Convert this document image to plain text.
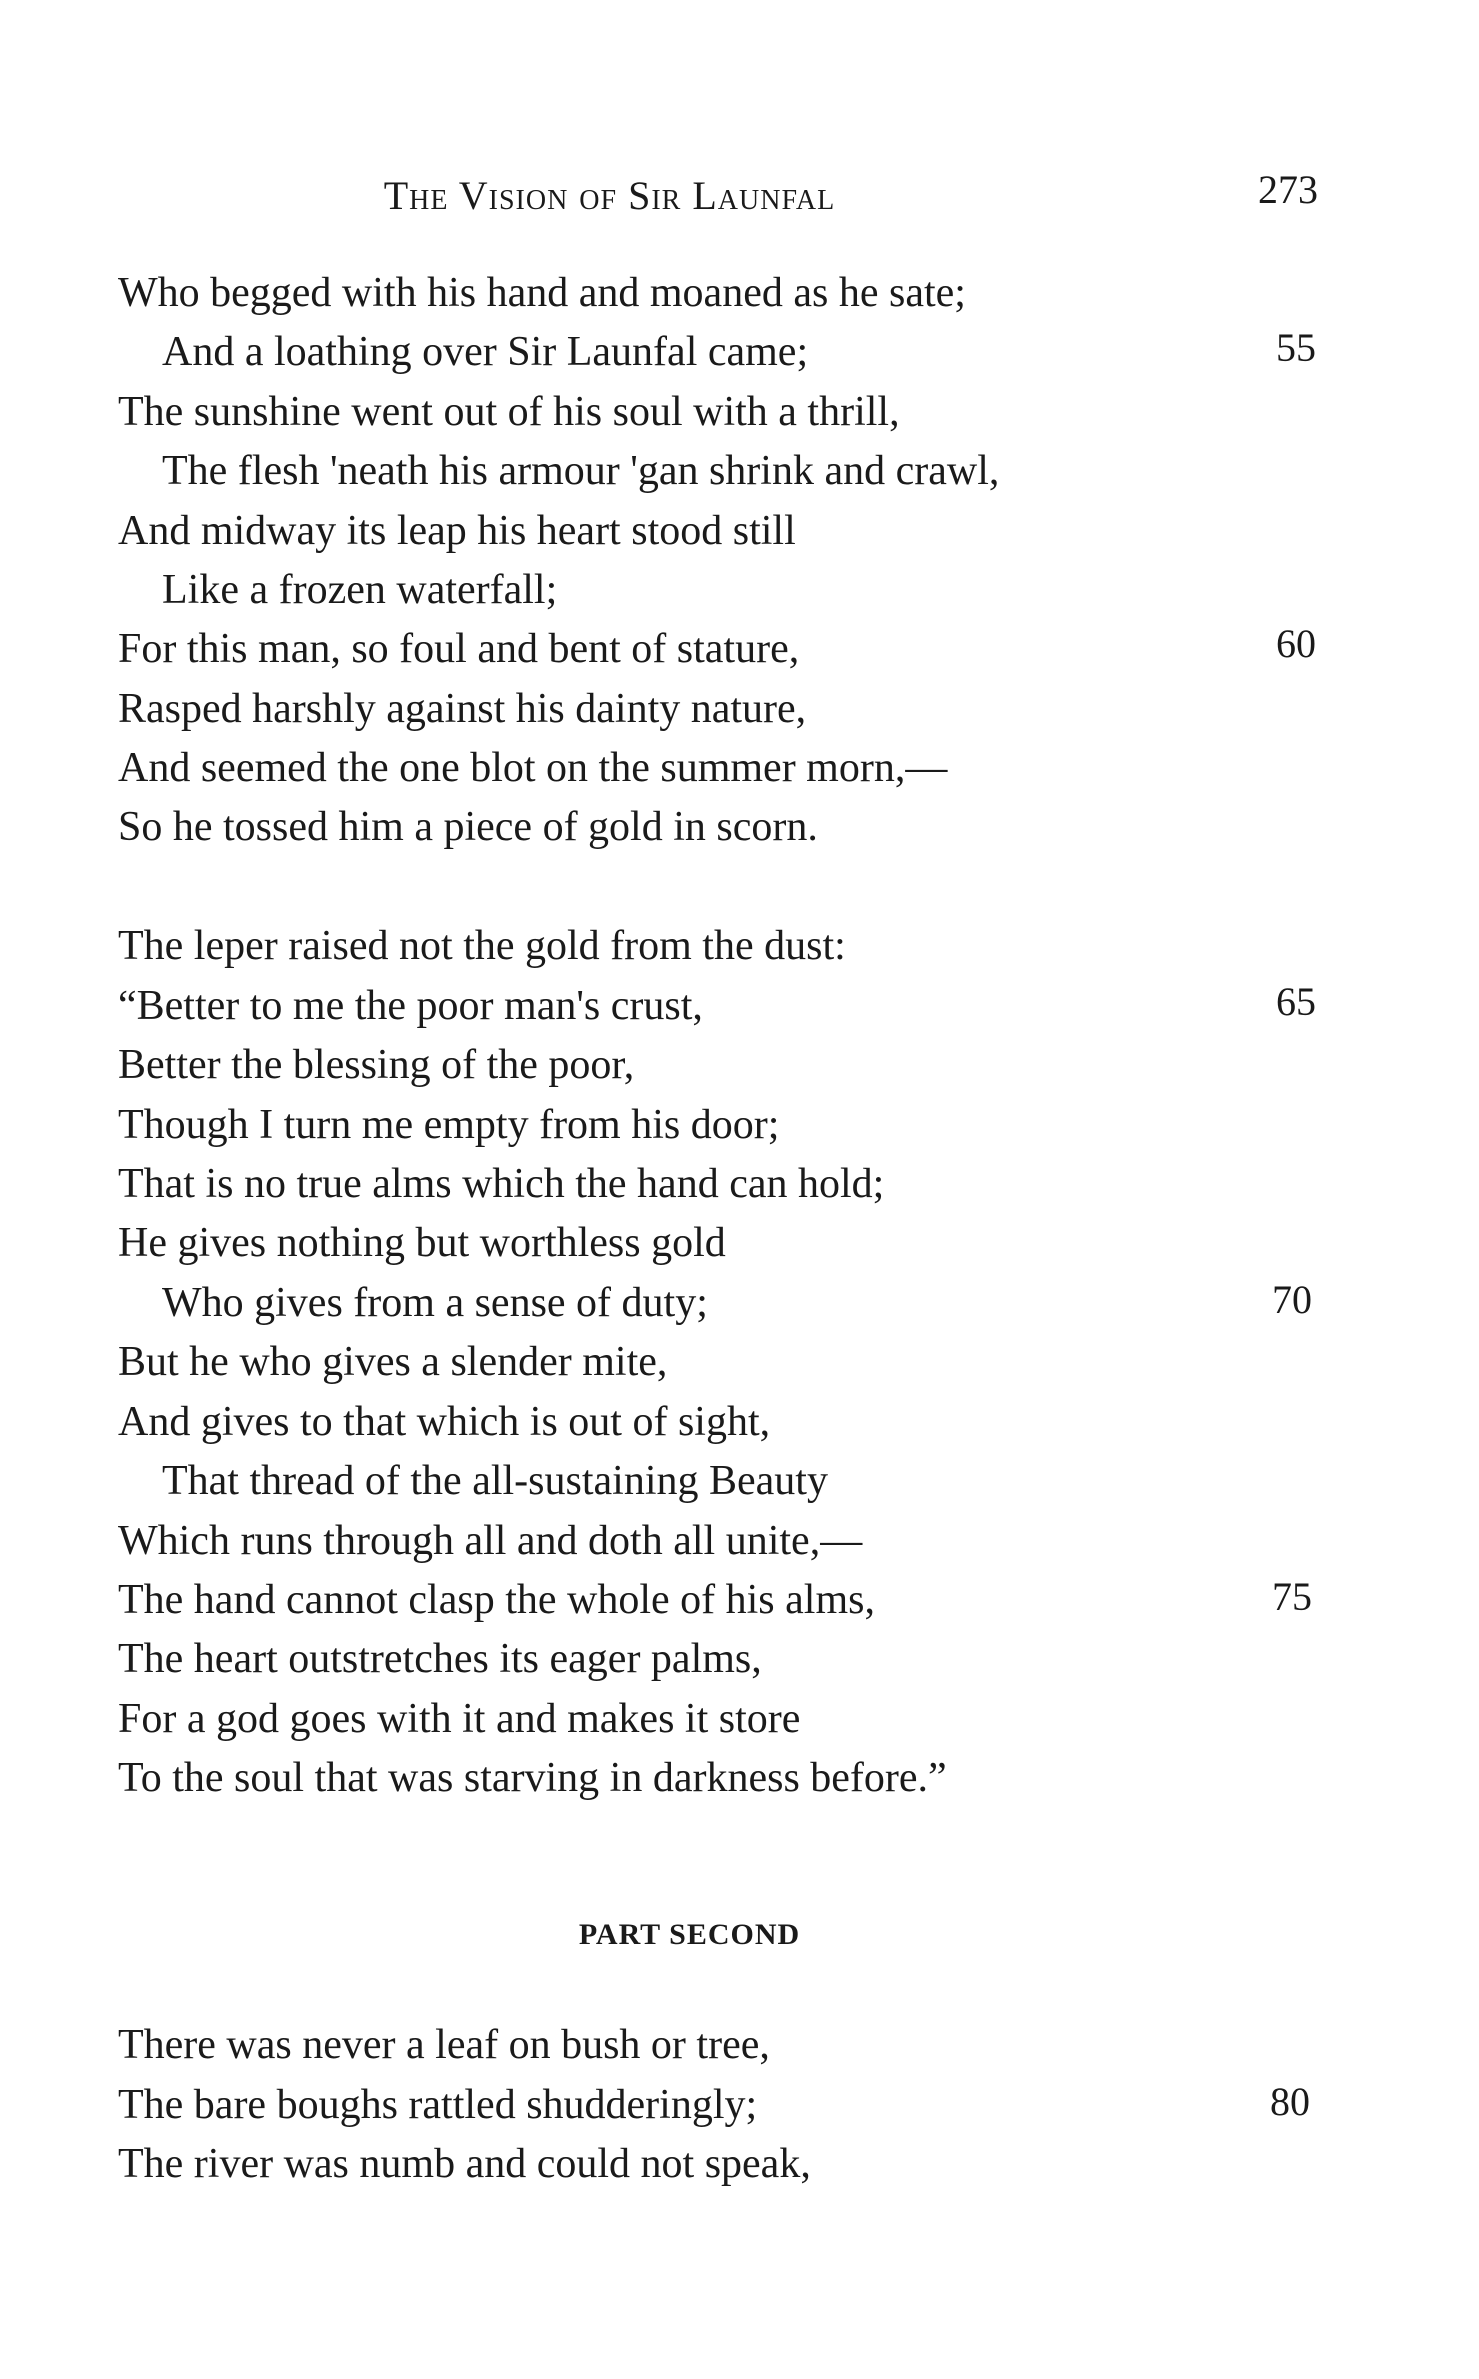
The Vision of Sir Launfal	273
Who begged with his hand and moaned as he sate;
And a loathing over Sir Launfal came;	55
The sunshine went out of his soul with a thrill,
The flesh 'neath his armour 'gan shrink and crawl,
And midway its leap his heart stood still
Like a frozen waterfall;
For this man, so foul and bent of stature,	60
Rasped harshly against his dainty nature,
And seemed the one blot on the summer morn,—
So he tossed him a piece of gold in scorn.
The leper raised not the gold from the dust:
“Better to me the poor man's crust,	65
Better the blessing of the poor,
Though I turn me empty from his door;
That is no true alms which the hand can hold;
He gives nothing but worthless gold
Who gives from a sense of duty;	70
But he who gives a slender mite,
And gives to that which is out of sight,
That thread of the all-sustaining Beauty
Which runs through all and doth all unite,—
The hand cannot clasp the whole of his alms,	75
The heart outstretches its eager palms,
For a god goes with it and makes it store
To the soul that was starving in darkness before.”
PART SECOND
There was never a leaf on bush or tree,
The bare boughs rattled shudderingly;	80
The river was numb and could not speak,
